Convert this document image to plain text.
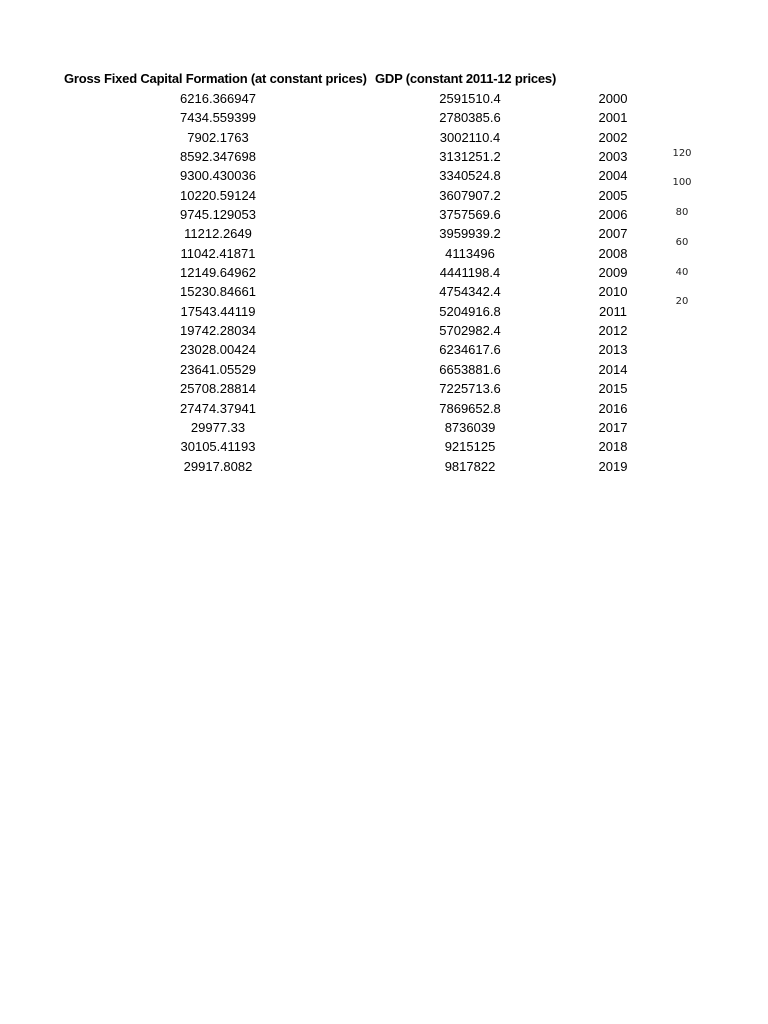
Gross Fixed Capital Formation (at constant prices) GDP (constant 2011-12 prices)
6216.366947	2591510.4	2000
7434.559399	2780385.6	2001
7902.1763	3002110.4	2002
8592.347698	3131251.2	2003
9300.430036	3340524.8	2004
10220.59124	3607907.2	2005
9745.129053	3757569.6	2006
11212.2649	3959939.2	2007
11042.41871	4113496	2008
12149.64962	4441198.4	2009
15230.84661	4754342.4	2010
17543.44119	5204916.8	2011
19742.28034	5702982.4	2012
23028.00424	6234617.6	2013
23641.05529	6653881.6	2014
25708.28814	7225713.6	2015
27474.37941	7869652.8	2016
29977.33	8736039	2017
30105.41193	9215125	2018
29917.8082	9817822	2019
120
100
80
60
40
20
